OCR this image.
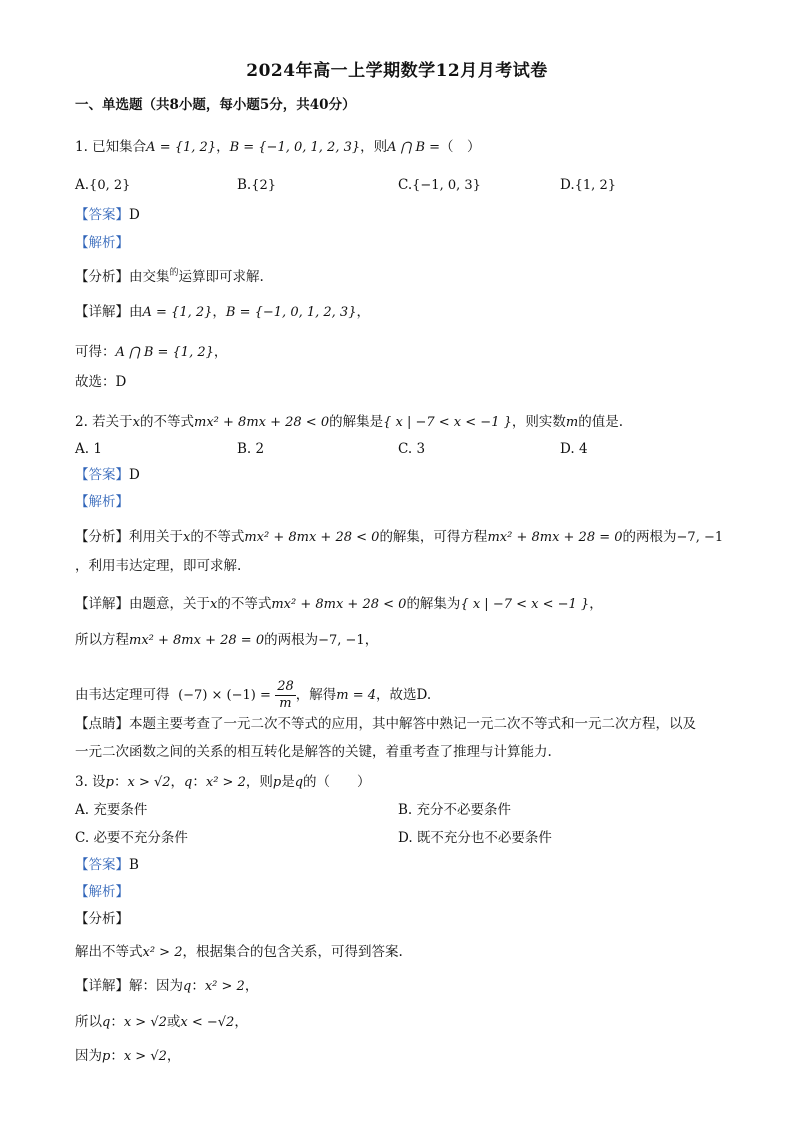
2024年高一上学期数学12月月考试卷
一、单选题（共8小题，每小题5分，共40分）
1. 已知集合A = {1, 2}，B = {−1, 0, 1, 2, 3}，则A ⋂ B =（　）
A.{0, 2}	B.{2}	C.{−1, 0, 3}	D.{1, 2}
【答案】D
【解析】
【分析】由交集$^的$运算即可求解.
【详解】由A = {1, 2}，B = {−1, 0, 1, 2, 3}，
可得：A ⋂ B = {1, 2}，
故选：D
2. 若关于x的不等式mx² + 8mx + 28 < 0的解集是{ x | −7 < x < −1 }，则实数m的值是.
A. 1	B. 2	C. 3	D. 4
【答案】D
【解析】
【分析】利用关于x的不等式mx² + 8mx + 28 < 0的解集，可得方程mx² + 8mx + 28 = 0的两根为−7, −1
，利用韦达定理，即可求解.
【详解】由题意，关于x的不等式mx² + 8mx + 28 < 0的解集为{ x | −7 < x < −1 }，
所以方程mx² + 8mx + 28 = 0的两根为−7, −1，
由韦达定理可得 $(-7) \times (-1) = \frac{28}{m}$ ，解得m = 4，故选D.
【点睛】本题主要考查了一元二次不等式的应用，其中解答中熟记一元二次不等式和一元二次方程，以及
一元二次函数之间的关系的相互转化是解答的关键，着重考查了推理与计算能力.
3. 设p：x > √2，q：x² > 2，则p是q的（　　）
A. 充要条件	B. 充分不必要条件
C. 必要不充分条件	D. 既不充分也不必要条件
【答案】B
【解析】
【分析】
解出不等式x² > 2，根据集合的包含关系，可得到答案.
【详解】解：因为q：x² > 2，
所以q：x > √2或x < −√2，
因为p：x > √2，
